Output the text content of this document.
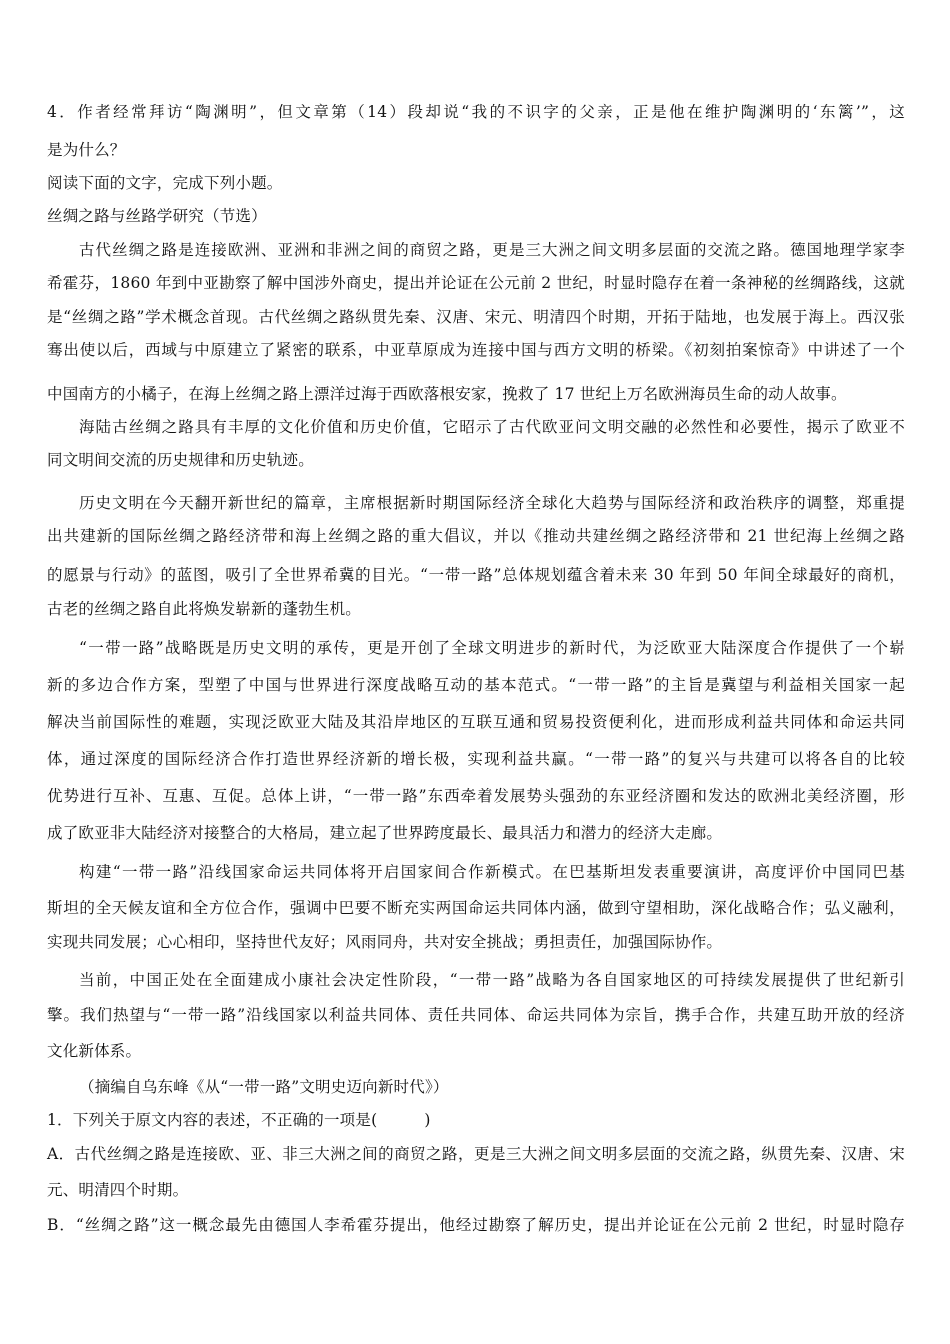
4．作者经常拜访“陶渊明”，但文章第（14）段却说“我的不识字的父亲，正是他在维护陶渊明的‘东篱’”，这
是为什么？
阅读下面的文字，完成下列小题。
丝绸之路与丝路学研究（节选）
古代丝绸之路是连接欧洲、亚洲和非洲之间的商贸之路，更是三大洲之间文明多层面的交流之路。德国地理学家李
希霍芬，1860 年到中亚勘察了解中国涉外商史，提出并论证在公元前 2 世纪，时显时隐存在着一条神秘的丝绸路线，这就
是“丝绸之路”学术概念首现。古代丝绸之路纵贯先秦、汉唐、宋元、明清四个时期，开拓于陆地，也发展于海上。西汉张
骞出使以后，西域与中原建立了紧密的联系，中亚草原成为连接中国与西方文明的桥梁。《初刻拍案惊奇》中讲述了一个
中国南方的小橘子，在海上丝绸之路上漂洋过海于西欧落根安家，挽救了 17 世纪上万名欧洲海员生命的动人故事。
海陆古丝绸之路具有丰厚的文化价值和历史价值，它昭示了古代欧亚问文明交融的必然性和必要性，揭示了欧亚不
同文明间交流的历史规律和历史轨迹。
历史文明在今天翻开新世纪的篇章，主席根据新时期国际经济全球化大趋势与国际经济和政治秩序的调整，郑重提
出共建新的国际丝绸之路经济带和海上丝绸之路的重大倡议，并以《推动共建丝绸之路经济带和 21 世纪海上丝绸之路
的愿景与行动》的蓝图，吸引了全世界希冀的目光。“一带一路”总体规划蕴含着未来 30 年到 50 年间全球最好的商机，
古老的丝绸之路自此将焕发崭新的蓬勃生机。
“一带一路”战略既是历史文明的承传，更是开创了全球文明进步的新时代，为泛欧亚大陆深度合作提供了一个崭
新的多边合作方案，型塑了中国与世界进行深度战略互动的基本范式。“一带一路”的主旨是冀望与利益相关国家一起
解决当前国际性的难题，实现泛欧亚大陆及其沿岸地区的互联互通和贸易投资便利化，进而形成利益共同体和命运共同
体，通过深度的国际经济合作打造世界经济新的增长极，实现利益共赢。“一带一路”的复兴与共建可以将各自的比较
优势进行互补、互惠、互促。总体上讲，“一带一路”东西牵着发展势头强劲的东亚经济圈和发达的欧洲北美经济圈，形
成了欧亚非大陆经济对接整合的大格局，建立起了世界跨度最长、最具活力和潜力的经济大走廊。
构建“一带一路”沿线国家命运共同体将开启国家间合作新模式。在巴基斯坦发表重要演讲，高度评价中国同巴基
斯坦的全天候友谊和全方位合作，强调中巴要不断充实两国命运共同体内涵，做到守望相助，深化战略合作；弘义融利，
实现共同发展；心心相印，坚持世代友好；风雨同舟，共对安全挑战；勇担责任，加强国际协作。
当前，中国正处在全面建成小康社会决定性阶段，“一带一路”战略为各自国家地区的可持续发展提供了世纪新引
擎。我们热望与“一带一路”沿线国家以利益共同体、责任共同体、命运共同体为宗旨，携手合作，共建互助开放的经济
文化新体系。
（摘编自乌东峰《从“一带一路”文明史迈向新时代》）
1．下列关于原文内容的表述，不正确的一项是(　　　)
A．古代丝绸之路是连接欧、亚、非三大洲之间的商贸之路，更是三大洲之间文明多层面的交流之路，纵贯先秦、汉唐、宋
元、明清四个时期。
B．“丝绸之路”这一概念最先由德国人李希霍芬提出，他经过勘察了解历史，提出并论证在公元前 2 世纪，时显时隐存
